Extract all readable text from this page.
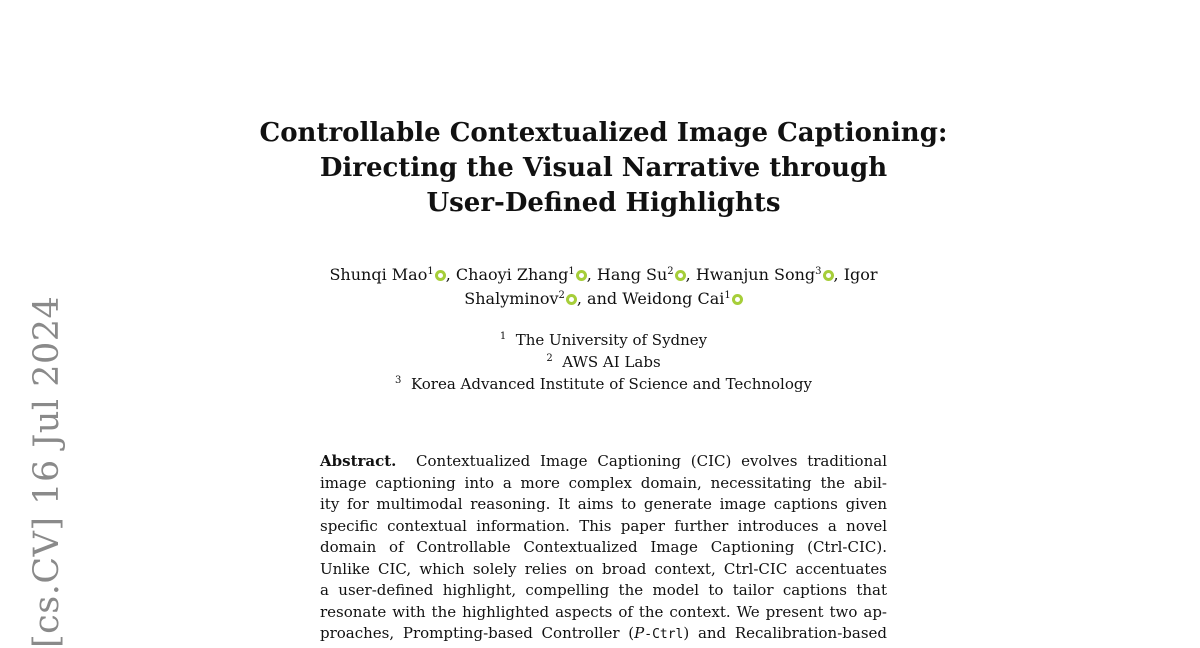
[cs.CV] 16 Jul 2024
Controllable Contextualized Image Captioning:
Directing the Visual Narrative through
User-Defined Highlights
Shunqi Mao$^1$ , Chaoyi Zhang$^1$ , Hang Su$^2$ , Hwanjun Song$^3$ , Igor
Shalyminov$^2$ , and Weidong Cai$^1$
$^1$ The University of Sydney
$^2$ AWS AI Labs
$^3$ Korea Advanced Institute of Science and Technology
Abstract. Contextualized Image Captioning (CIC) evolves traditional
image captioning into a more complex domain, necessitating the abil-
ity for multimodal reasoning. It aims to generate image captions given
specific contextual information. This paper further introduces a novel
domain of Controllable Contextualized Image Captioning (Ctrl-CIC).
Unlike CIC, which solely relies on broad context, Ctrl-CIC accentuates
a user-defined highlight, compelling the model to tailor captions that
resonate with the highlighted aspects of the context. We present two ap-
proaches, Prompting-based Controller (P-Ctrl) and Recalibration-based
